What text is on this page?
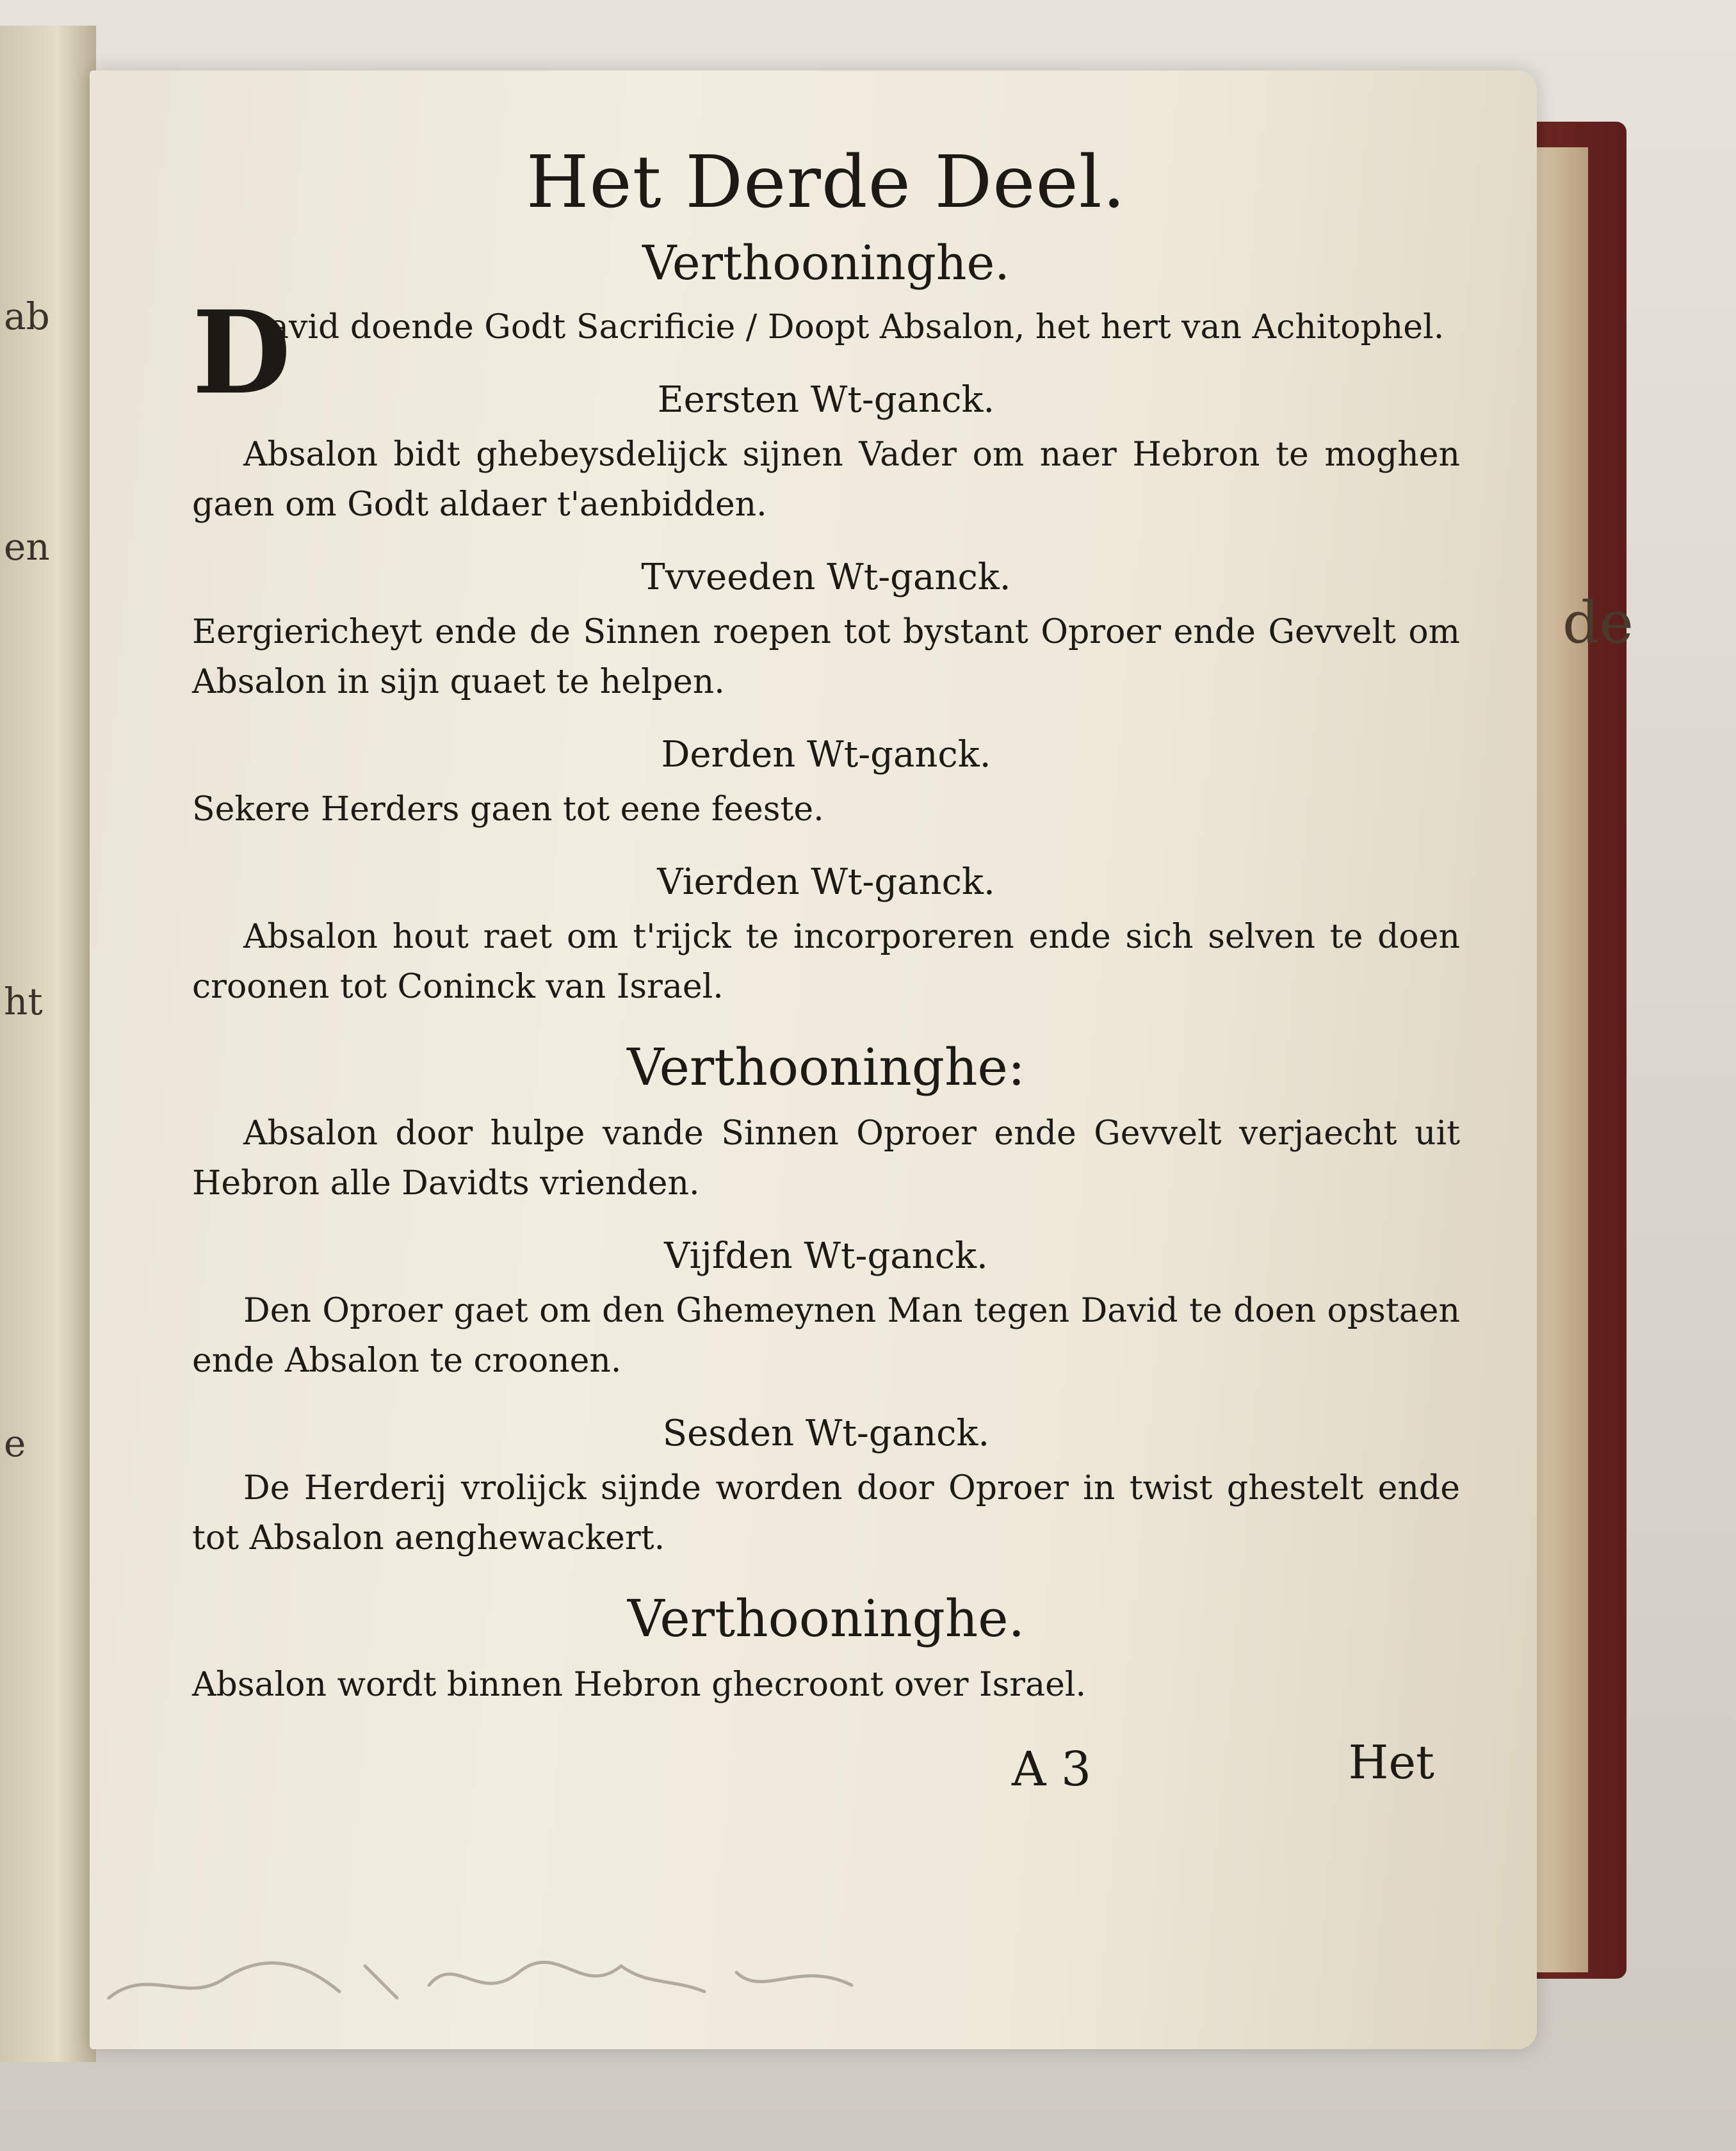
ab
en
ht
e
de
Het Derde Deel.
Verthooninghe.

D
avid doende Godt Sacrificie / Doopt Absalon, het hert van Achitophel.

Eersten Wt-ganck.

Absalon bidt ghebeysdelijck sijnen Vader om naer Hebron te moghen gaen om Godt aldaer t'aenbidden.

Tvveeden Wt-ganck.

Eergiericheyt ende de Sinnen roepen tot bystant Oproer ende Gevvelt om Absalon in sijn quaet te helpen.

Derden Wt-ganck.

Sekere Herders gaen tot eene feeste.

Vierden Wt-ganck.

Absalon hout raet om t'rijck te incorporeren ende sich selven te doen croonen tot Coninck van Israel.

Verthooninghe:

Absalon door hulpe vande Sinnen Oproer ende Gevvelt verjaecht uit Hebron alle Davidts vrienden.

Vijfden Wt-ganck.

Den Oproer gaet om den Ghemeynen Man tegen David te doen opstaen ende Absalon te croonen.

Sesden Wt-ganck.

De Herderij vrolijck sijnde worden door Oproer in twist ghestelt ende tot Absalon aenghewackert.

Verthooninghe.

Absalon wordt binnen Hebron ghecroont over Israel.

A 3	Het
